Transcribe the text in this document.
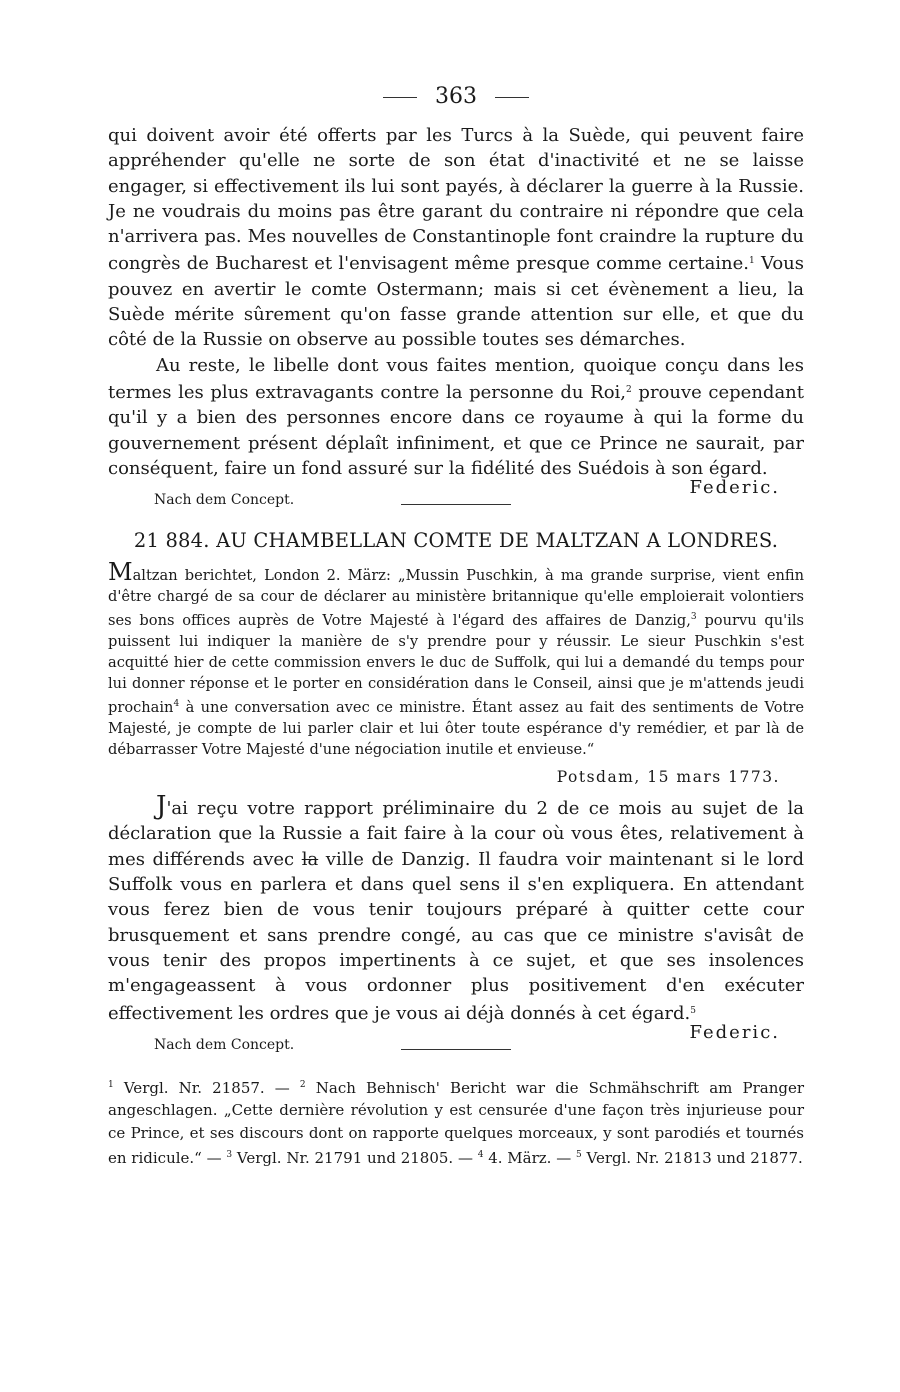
363

qui doivent avoir été offerts par les Turcs à la Suède, qui peuvent faire appréhender qu'elle ne sorte de son état d'inactivité et ne se laisse engager, si effectivement ils lui sont payés, à déclarer la guerre à la Russie. Je ne voudrais du moins pas être garant du contraire ni répondre que cela n'arrivera pas. Mes nouvelles de Constantinople font craindre la rupture du congrès de Bucharest et l'envisagent même presque comme certaine.$^1$ Vous pouvez en avertir le comte Ostermann; mais si cet évènement a lieu, la Suède mérite sûrement qu'on fasse grande attention sur elle, et que du côté de la Russie on observe au possible toutes ses démarches.

Au reste, le libelle dont vous faites mention, quoique conçu dans les termes les plus extravagants contre la personne du Roi,$^2$ prouve cependant qu'il y a bien des personnes encore dans ce royaume à qui la forme du gouvernement présent déplaît infiniment, et que ce Prince ne saurait, par conséquent, faire un fond assuré sur la fidélité des Suédois à son égard.

Federic.
Nach dem Concept.
21 884. AU CHAMBELLAN COMTE DE MALTZAN A LONDRES.

Maltzan berichtet, London 2. März: „Mussin Puschkin, à ma grande surprise, vient enfin d'être chargé de sa cour de déclarer au ministère britannique qu'elle emploierait volontiers ses bons offices auprès de Votre Majesté à l'égard des affaires de Danzig,$^3$ pourvu qu'ils puissent lui indiquer la manière de s'y prendre pour y réussir. Le sieur Puschkin s'est acquitté hier de cette commission envers le duc de Suffolk, qui lui a demandé du temps pour lui donner réponse et le porter en considération dans le Conseil, ainsi que je m'attends jeudi prochain$^4$ à une conversation avec ce ministre. Étant assez au fait des sentiments de Votre Majesté, je compte de lui parler clair et lui ôter toute espérance d'y remédier, et par là de débarrasser Votre Majesté d'une négociation inutile et envieuse.“

Potsdam, 15 mars 1773.

J'ai reçu votre rapport préliminaire du 2 de ce mois au sujet de la déclaration que la Russie a fait faire à la cour où vous êtes, relativement à mes différends avec la ville de Danzig. Il faudra voir maintenant si le lord Suffolk vous en parlera et dans quel sens il s'en expliquera. En attendant vous ferez bien de vous tenir toujours préparé à quitter cette cour brusquement et sans prendre congé, au cas que ce ministre s'avisât de vous tenir des propos impertinents à ce sujet, et que ses insolences m'engageassent à vous ordonner plus positivement d'en exécuter effectivement les ordres que je vous ai déjà donnés à cet égard.$^5$

Federic.
Nach dem Concept.

$^1$ Vergl. Nr. 21857. — $^2$ Nach Behnisch' Bericht war die Schmähschrift am Pranger angeschlagen. „Cette dernière révolution y est censurée d'une façon très injurieuse pour ce Prince, et ses discours dont on rapporte quelques morceaux, y sont parodiés et tournés en ridicule.“ — $^3$ Vergl. Nr. 21791 und 21805. — $^4$ 4. März. — $^5$ Vergl. Nr. 21813 und 21877.
